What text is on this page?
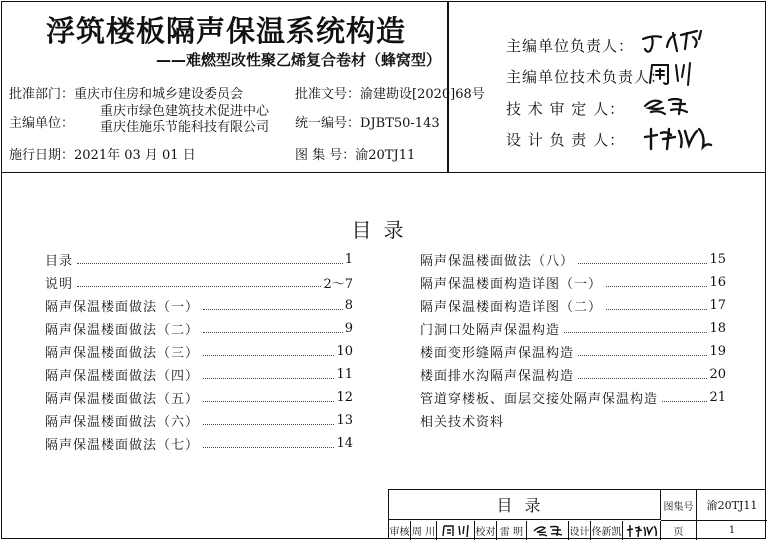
浮筑楼板隔声保温系统构造
——难燃型改性聚乙烯复合卷材（蜂窝型）
批准部门：重庆市住房和城乡建设委员会
主编单位：
重庆市绿色建筑技术促进中心
重庆佳施乐节能科技有限公司
施行日期：2021年 03 月 01 日
批准文号：渝建勘设[2020]68号
统一编号：DJBT50-143
图 集 号：渝20TJ11
主编单位负责人：
主编单位技术负责人：
技 术 审 定 人：
设 计 负 责 人：
目录
目录	1
说明	2～7
隔声保温楼面做法（一）	8
隔声保温楼面做法（二）	9
隔声保温楼面做法（三）	10
隔声保温楼面做法（四）	11
隔声保温楼面做法（五）	12
隔声保温楼面做法（六）	13
隔声保温楼面做法（七）	14
隔声保温楼面做法（八）	15
隔声保温楼面构造详图（一）	16
隔声保温楼面构造详图（二）	17
门洞口处隔声保温构造	18
楼面变形缝隔声保温构造	19
楼面排水沟隔声保温构造	20
管道穿楼板、面层交接处隔声保温构造	21
相关技术资料
目录	图集号	渝20TJ11
审核 周 川	校对 雷 明	设计 佟新凯	页	1
